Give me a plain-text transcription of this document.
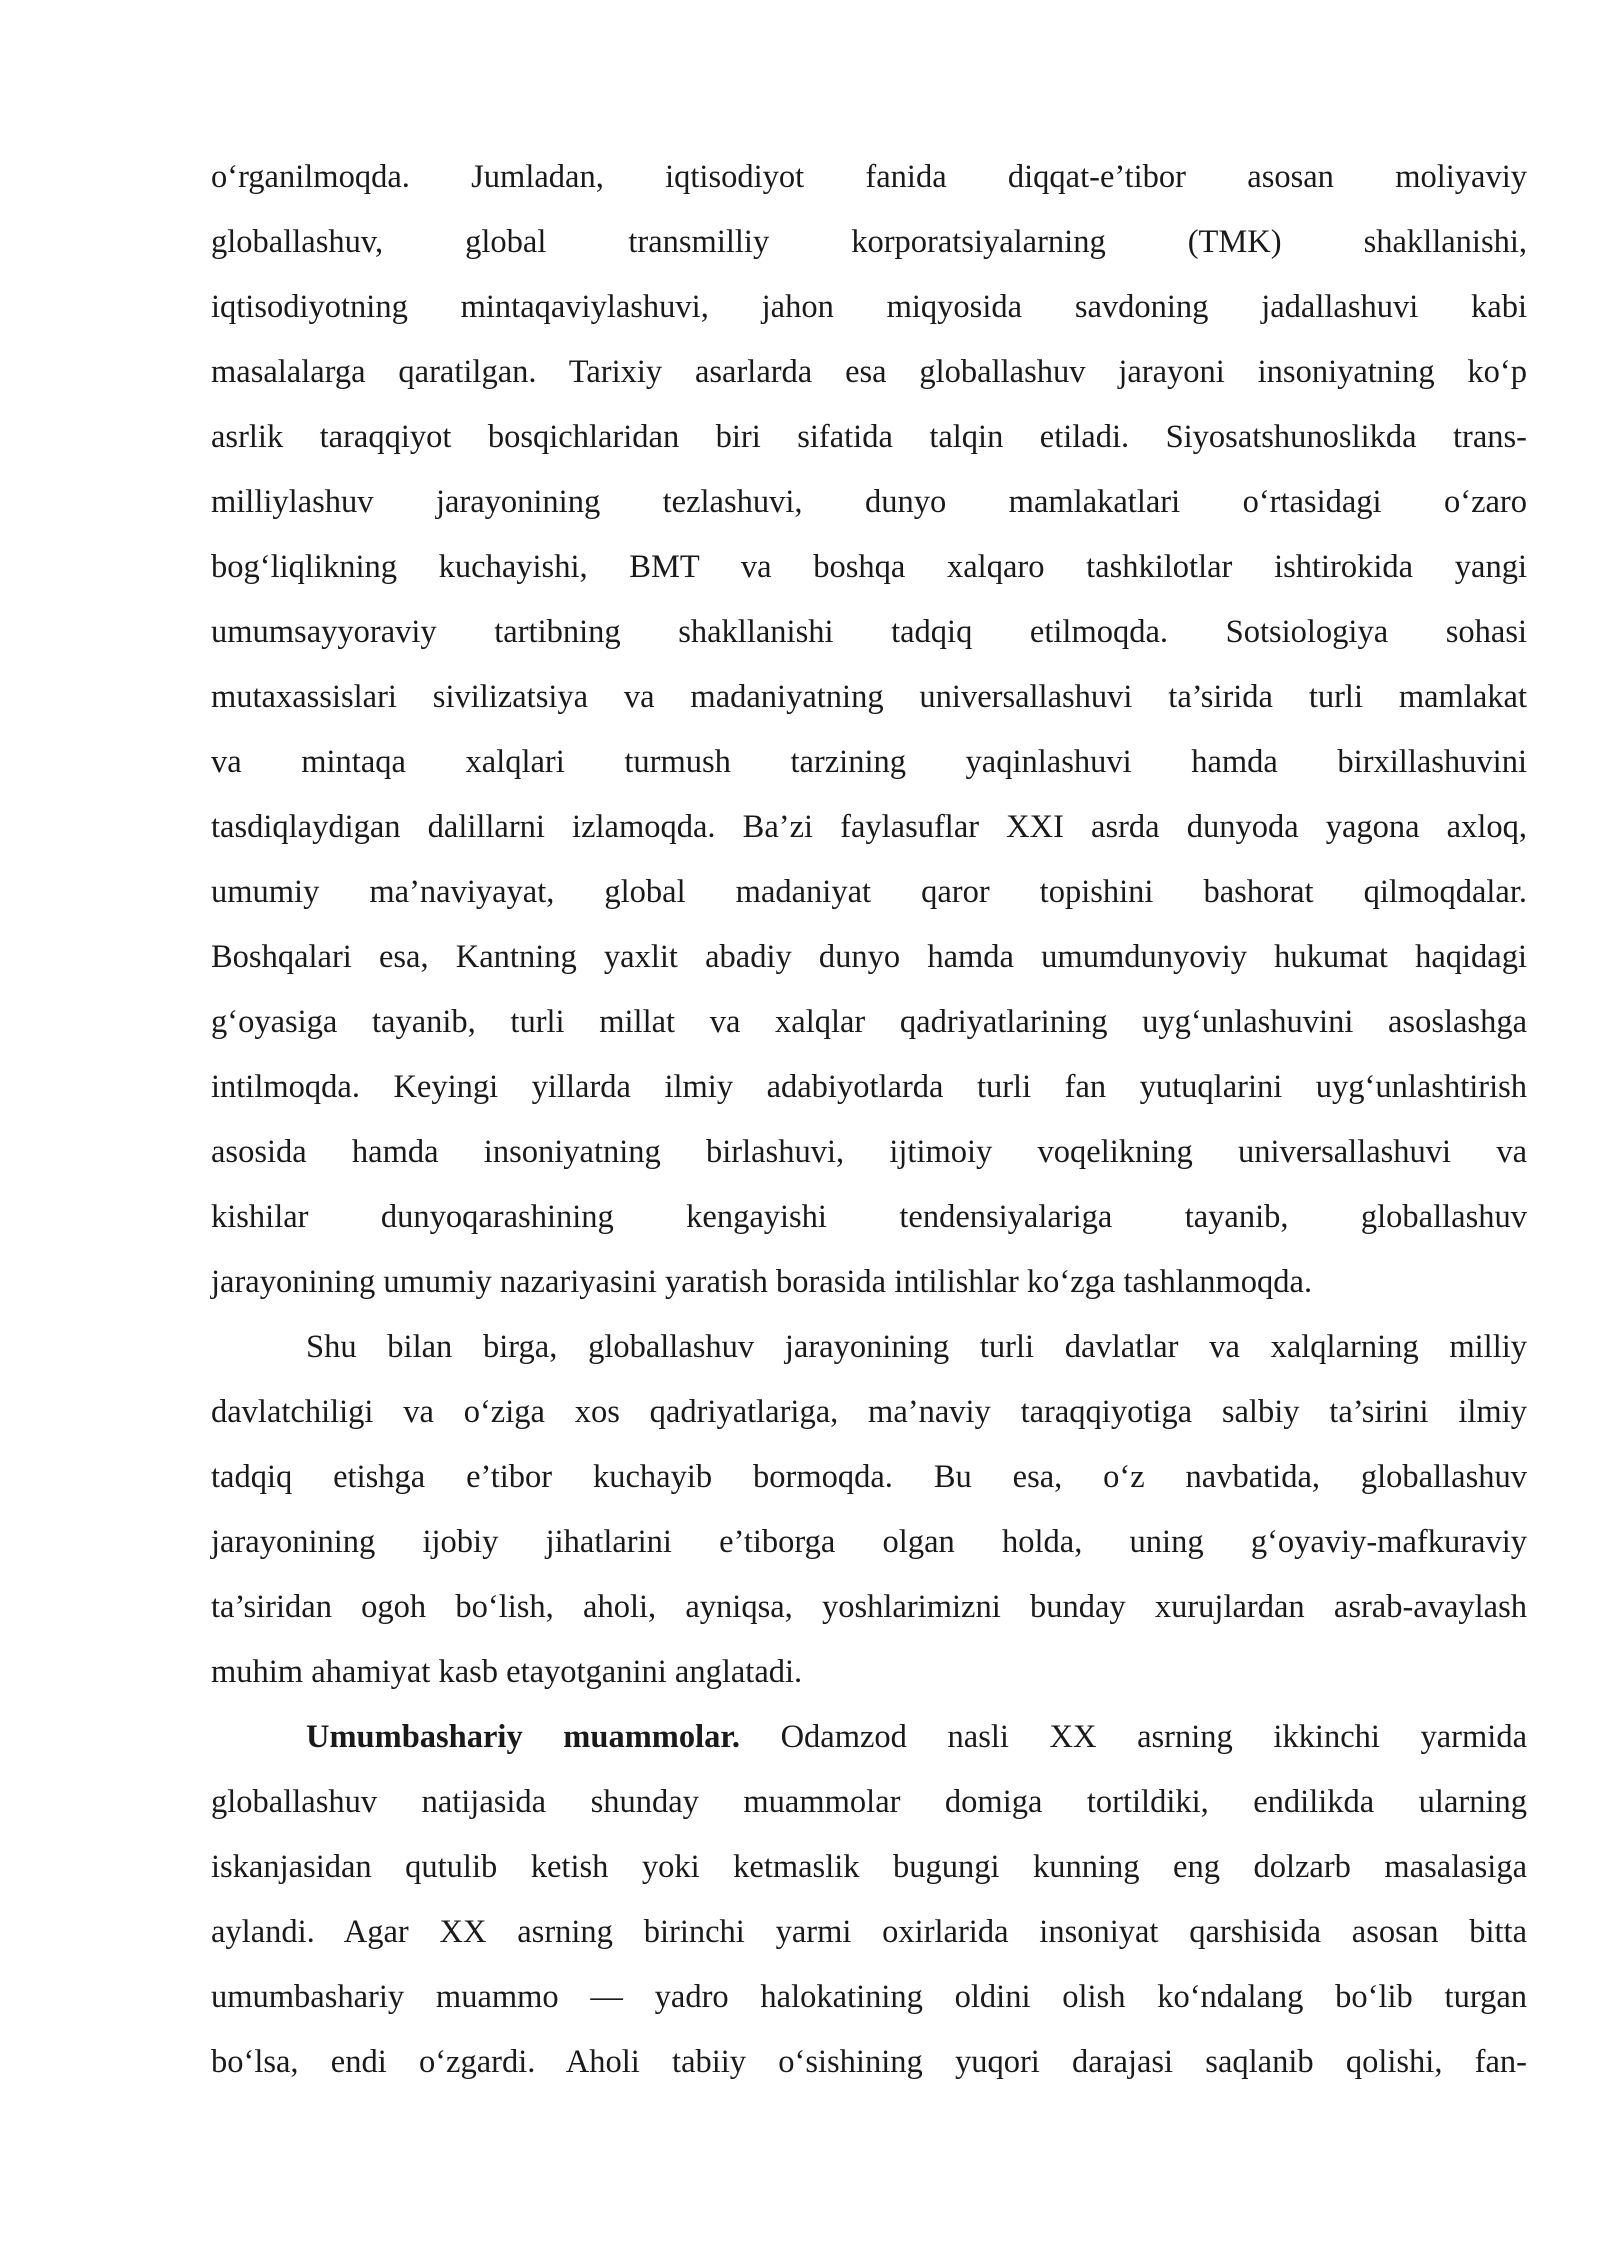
o‘rganilmoqda. Jumladan, iqtisodiyot fanida diqqat-e’tibor asosan moliyaviy
globallashuv, global transmilliy korporatsiyalarning (TMK) shakllanishi,
iqtisodiyotning mintaqaviylashuvi, jahon miqyosida savdoning jadallashuvi kabi
masalalarga qaratilgan. Tarixiy asarlarda esa globallashuv jarayoni insoniyatning ko‘p
asrlik taraqqiyot bosqichlaridan biri sifatida talqin etiladi. Siyosatshunoslikda trans-
milliylashuv jarayonining tezlashuvi, dunyo mamlakatlari o‘rtasidagi o‘zaro
bog‘liqlikning kuchayishi, BMT va boshqa xalqaro tashkilotlar ishtirokida yangi
umumsayyoraviy tartibning shakllanishi tadqiq etilmoqda. Sotsiologiya sohasi
mutaxassislari sivilizatsiya va madaniyatning universallashuvi ta’sirida turli mamlakat
va mintaqa xalqlari turmush tarzining yaqinlashuvi hamda birxillashuvini
tasdiqlaydigan dalillarni izlamoqda. Ba’zi faylasuflar XXI asrda dunyoda yagona axloq,
umumiy ma’naviyayat, global madaniyat qaror topishini bashorat qilmoqdalar.
Boshqalari esa, Kantning yaxlit abadiy dunyo hamda umumdunyoviy hukumat haqidagi
g‘oyasiga tayanib, turli millat va xalqlar qadriyatlarining uyg‘unlashuvini asoslashga
intilmoqda. Keyingi yillarda ilmiy adabiyotlarda turli fan yutuqlarini uyg‘unlashtirish
asosida hamda insoniyatning birlashuvi, ijtimoiy voqelikning universallashuvi va
kishilar dunyoqarashining kengayishi tendensiyalariga tayanib, globallashuv
jarayonining umumiy nazariyasini yaratish borasida intilishlar ko‘zga tashlanmoqda.
Shu bilan birga, globallashuv jarayonining turli davlatlar va xalqlarning milliy
davlatchiligi va o‘ziga xos qadriyatlariga, ma’naviy taraqqiyotiga salbiy ta’sirini ilmiy
tadqiq etishga e’tibor kuchayib bormoqda. Bu esa, o‘z navbatida, globallashuv
jarayonining ijobiy jihatlarini e’tiborga olgan holda, uning g‘oyaviy-mafkuraviy
ta’siridan ogoh bo‘lish, aholi, ayniqsa, yoshlarimizni bunday xurujlardan asrab-avaylash
muhim ahamiyat kasb etayotganini anglatadi.
Umumbashariy muammolar. Odamzod nasli XX asrning ikkinchi yarmida
globallashuv natijasida shunday muammolar domiga tortildiki, endilikda ularning
iskanjasidan qutulib ketish yoki ketmaslik bugungi kunning eng dolzarb masalasiga
aylandi. Agar XX asrning birinchi yarmi oxirlarida insoniyat qarshisida asosan bitta
umumbashariy muammo — yadro halokatining oldini olish ko‘ndalang bo‘lib turgan
bo‘lsa, endi o‘zgardi. Aholi tabiiy o‘sishining yuqori darajasi saqlanib qolishi, fan-
